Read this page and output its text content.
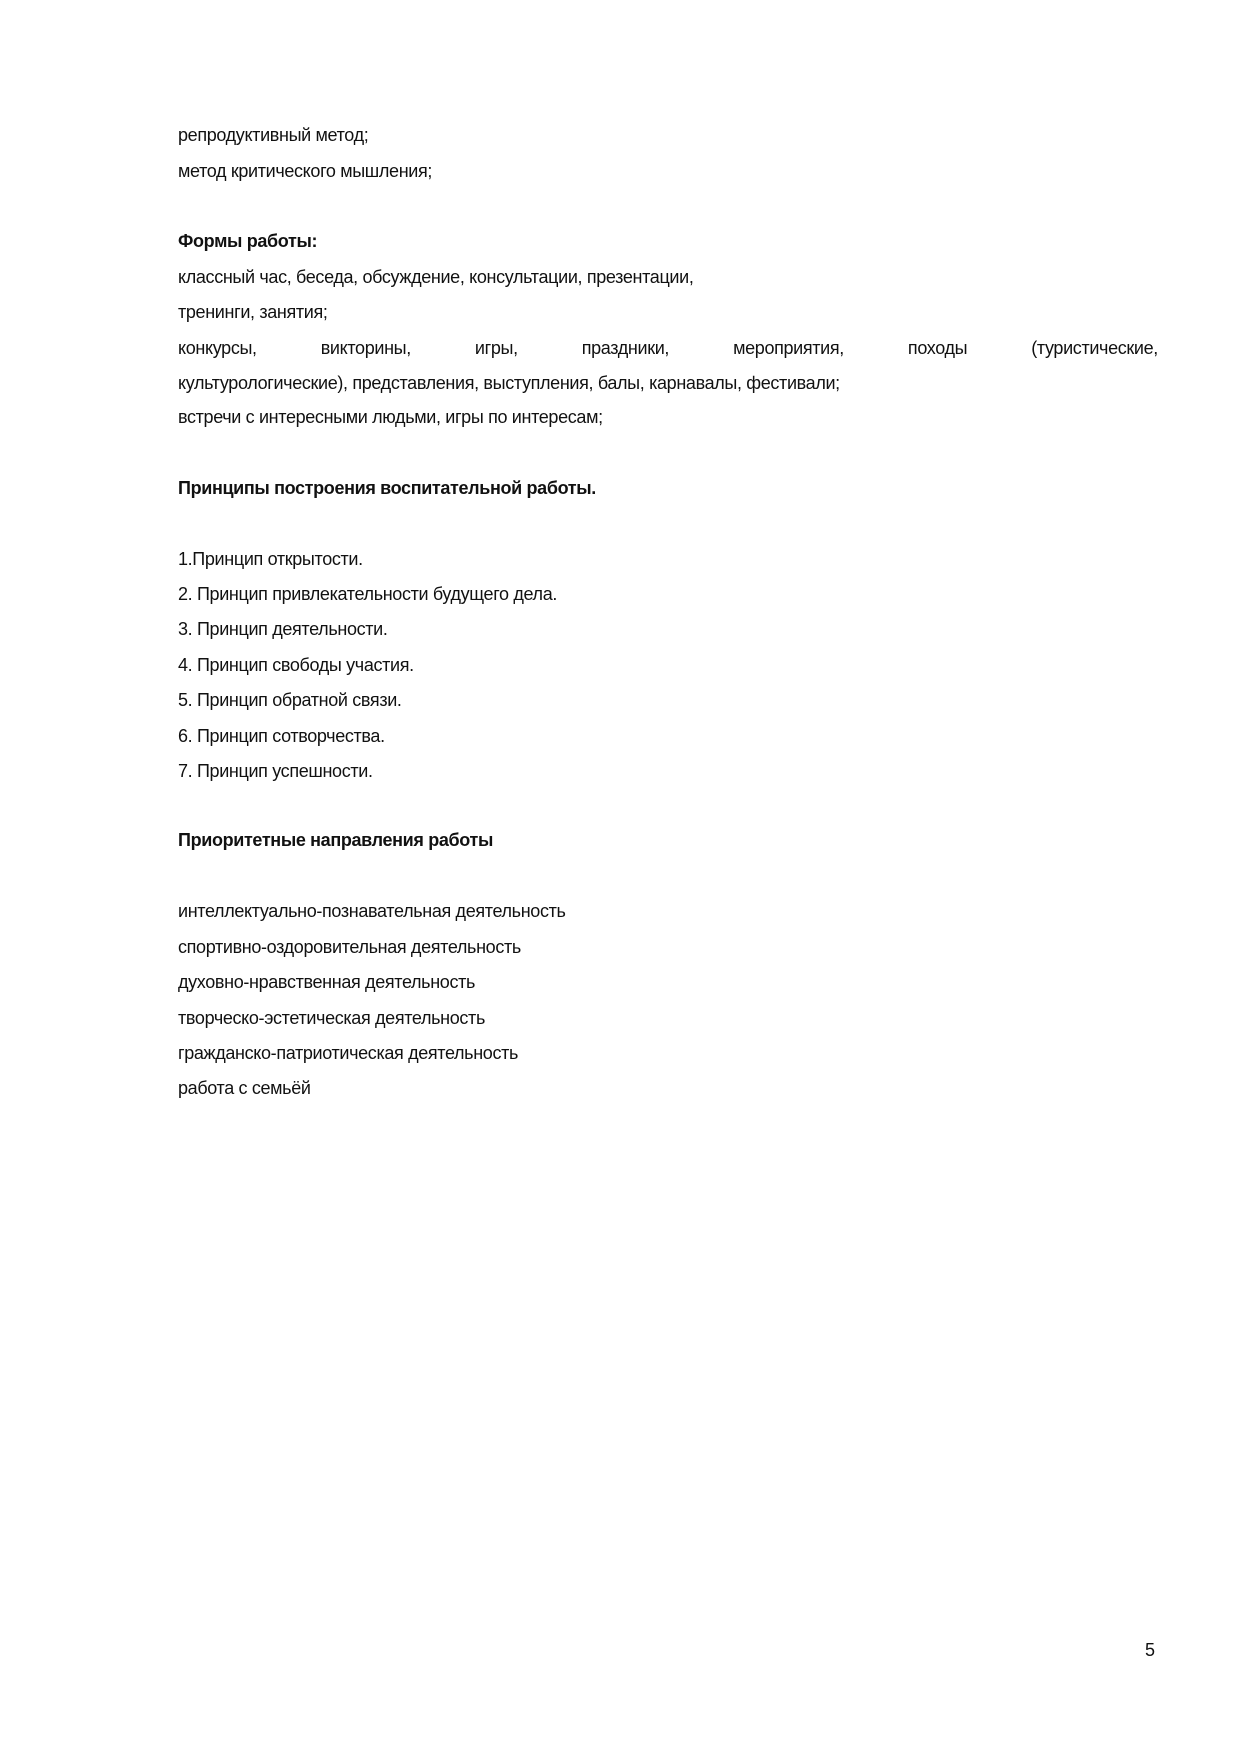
репродуктивный метод;
метод критического мышления;
Формы работы:
классный час, беседа, обсуждение, консультации, презентации,
тренинги, занятия;
конкурсы,	викторины,	игры,	праздники,	мероприятия,	походы	(туристические,
культурологические), представления, выступления, балы, карнавалы, фестивали;
встречи с интересными людьми, игры по интересам;
Принципы построения воспитательной работы.
1.Принцип открытости.
2. Принцип привлекательности будущего дела.
3. Принцип деятельности.
4. Принцип свободы участия.
5. Принцип обратной связи.
6. Принцип сотворчества.
7. Принцип успешности.
Приоритетные направления работы
интеллектуально-познавательная деятельность
спортивно-оздоровительная деятельность
духовно-нравственная деятельность
творческо-эстетическая деятельность
гражданско-патриотическая деятельность
работа с семьёй
5
